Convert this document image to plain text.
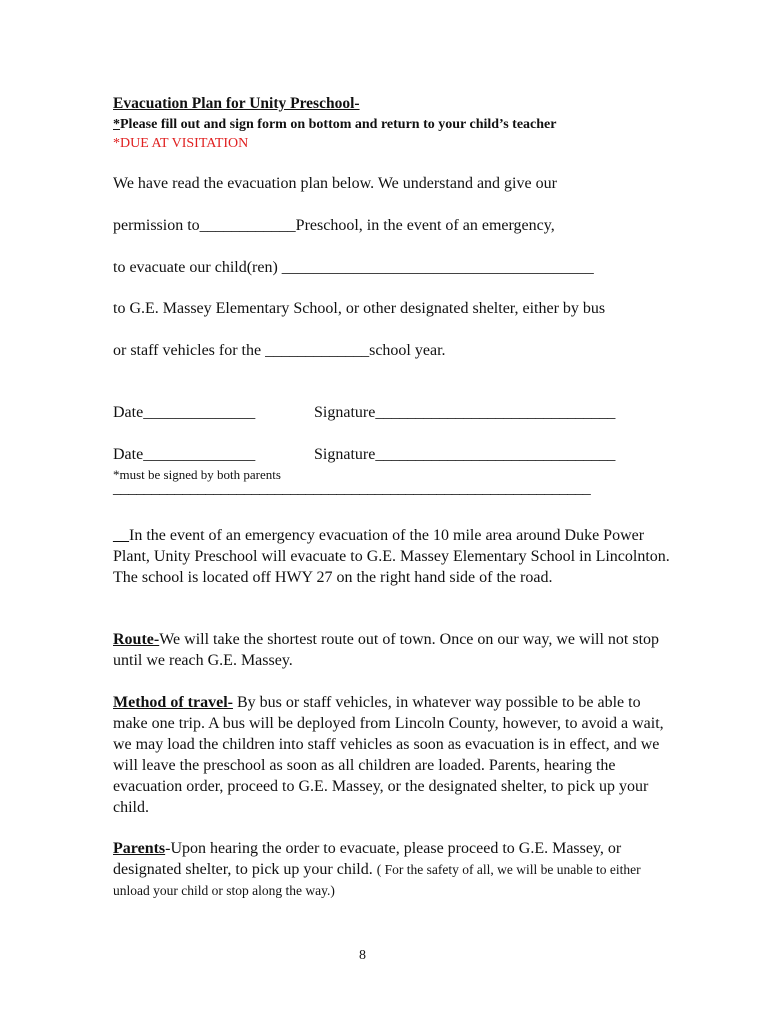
Evacuation Plan for Unity Preschool-
*Please fill out and sign form on bottom and return to your child’s teacher
*DUE AT VISITATION
We have read the evacuation plan below. We understand and give our
permission to____________Preschool, in the event of an emergency,
to evacuate our child(ren) _______________________________________
to G.E. Massey Elementary School, or other designated shelter, either by bus
or staff vehicles for the _____________school year.
Date______________	Signature______________________________
Date______________	Signature______________________________
*must be signed by both parents
______________________________________________________________
__In the event of an emergency evacuation of the 10 mile area around Duke Power Plant, Unity Preschool will evacuate to G.E. Massey Elementary School in Lincolnton. The school is located off HWY 27 on the right hand side of the road.
Route-We will take the shortest route out of town. Once on our way, we will not stop until we reach G.E. Massey.
Method of travel- By bus or staff vehicles, in whatever way possible to be able to make one trip. A bus will be deployed from Lincoln County, however, to avoid a wait, we may load the children into staff vehicles as soon as evacuation is in effect, and we will leave the preschool as soon as all children are loaded. Parents, hearing the evacuation order, proceed to G.E. Massey, or the designated shelter, to pick up your child.
Parents-Upon hearing the order to evacuate, please proceed to G.E. Massey, or designated shelter, to pick up your child. ( For the safety of all, we will be unable to either unload your child or stop along the way.)
8
